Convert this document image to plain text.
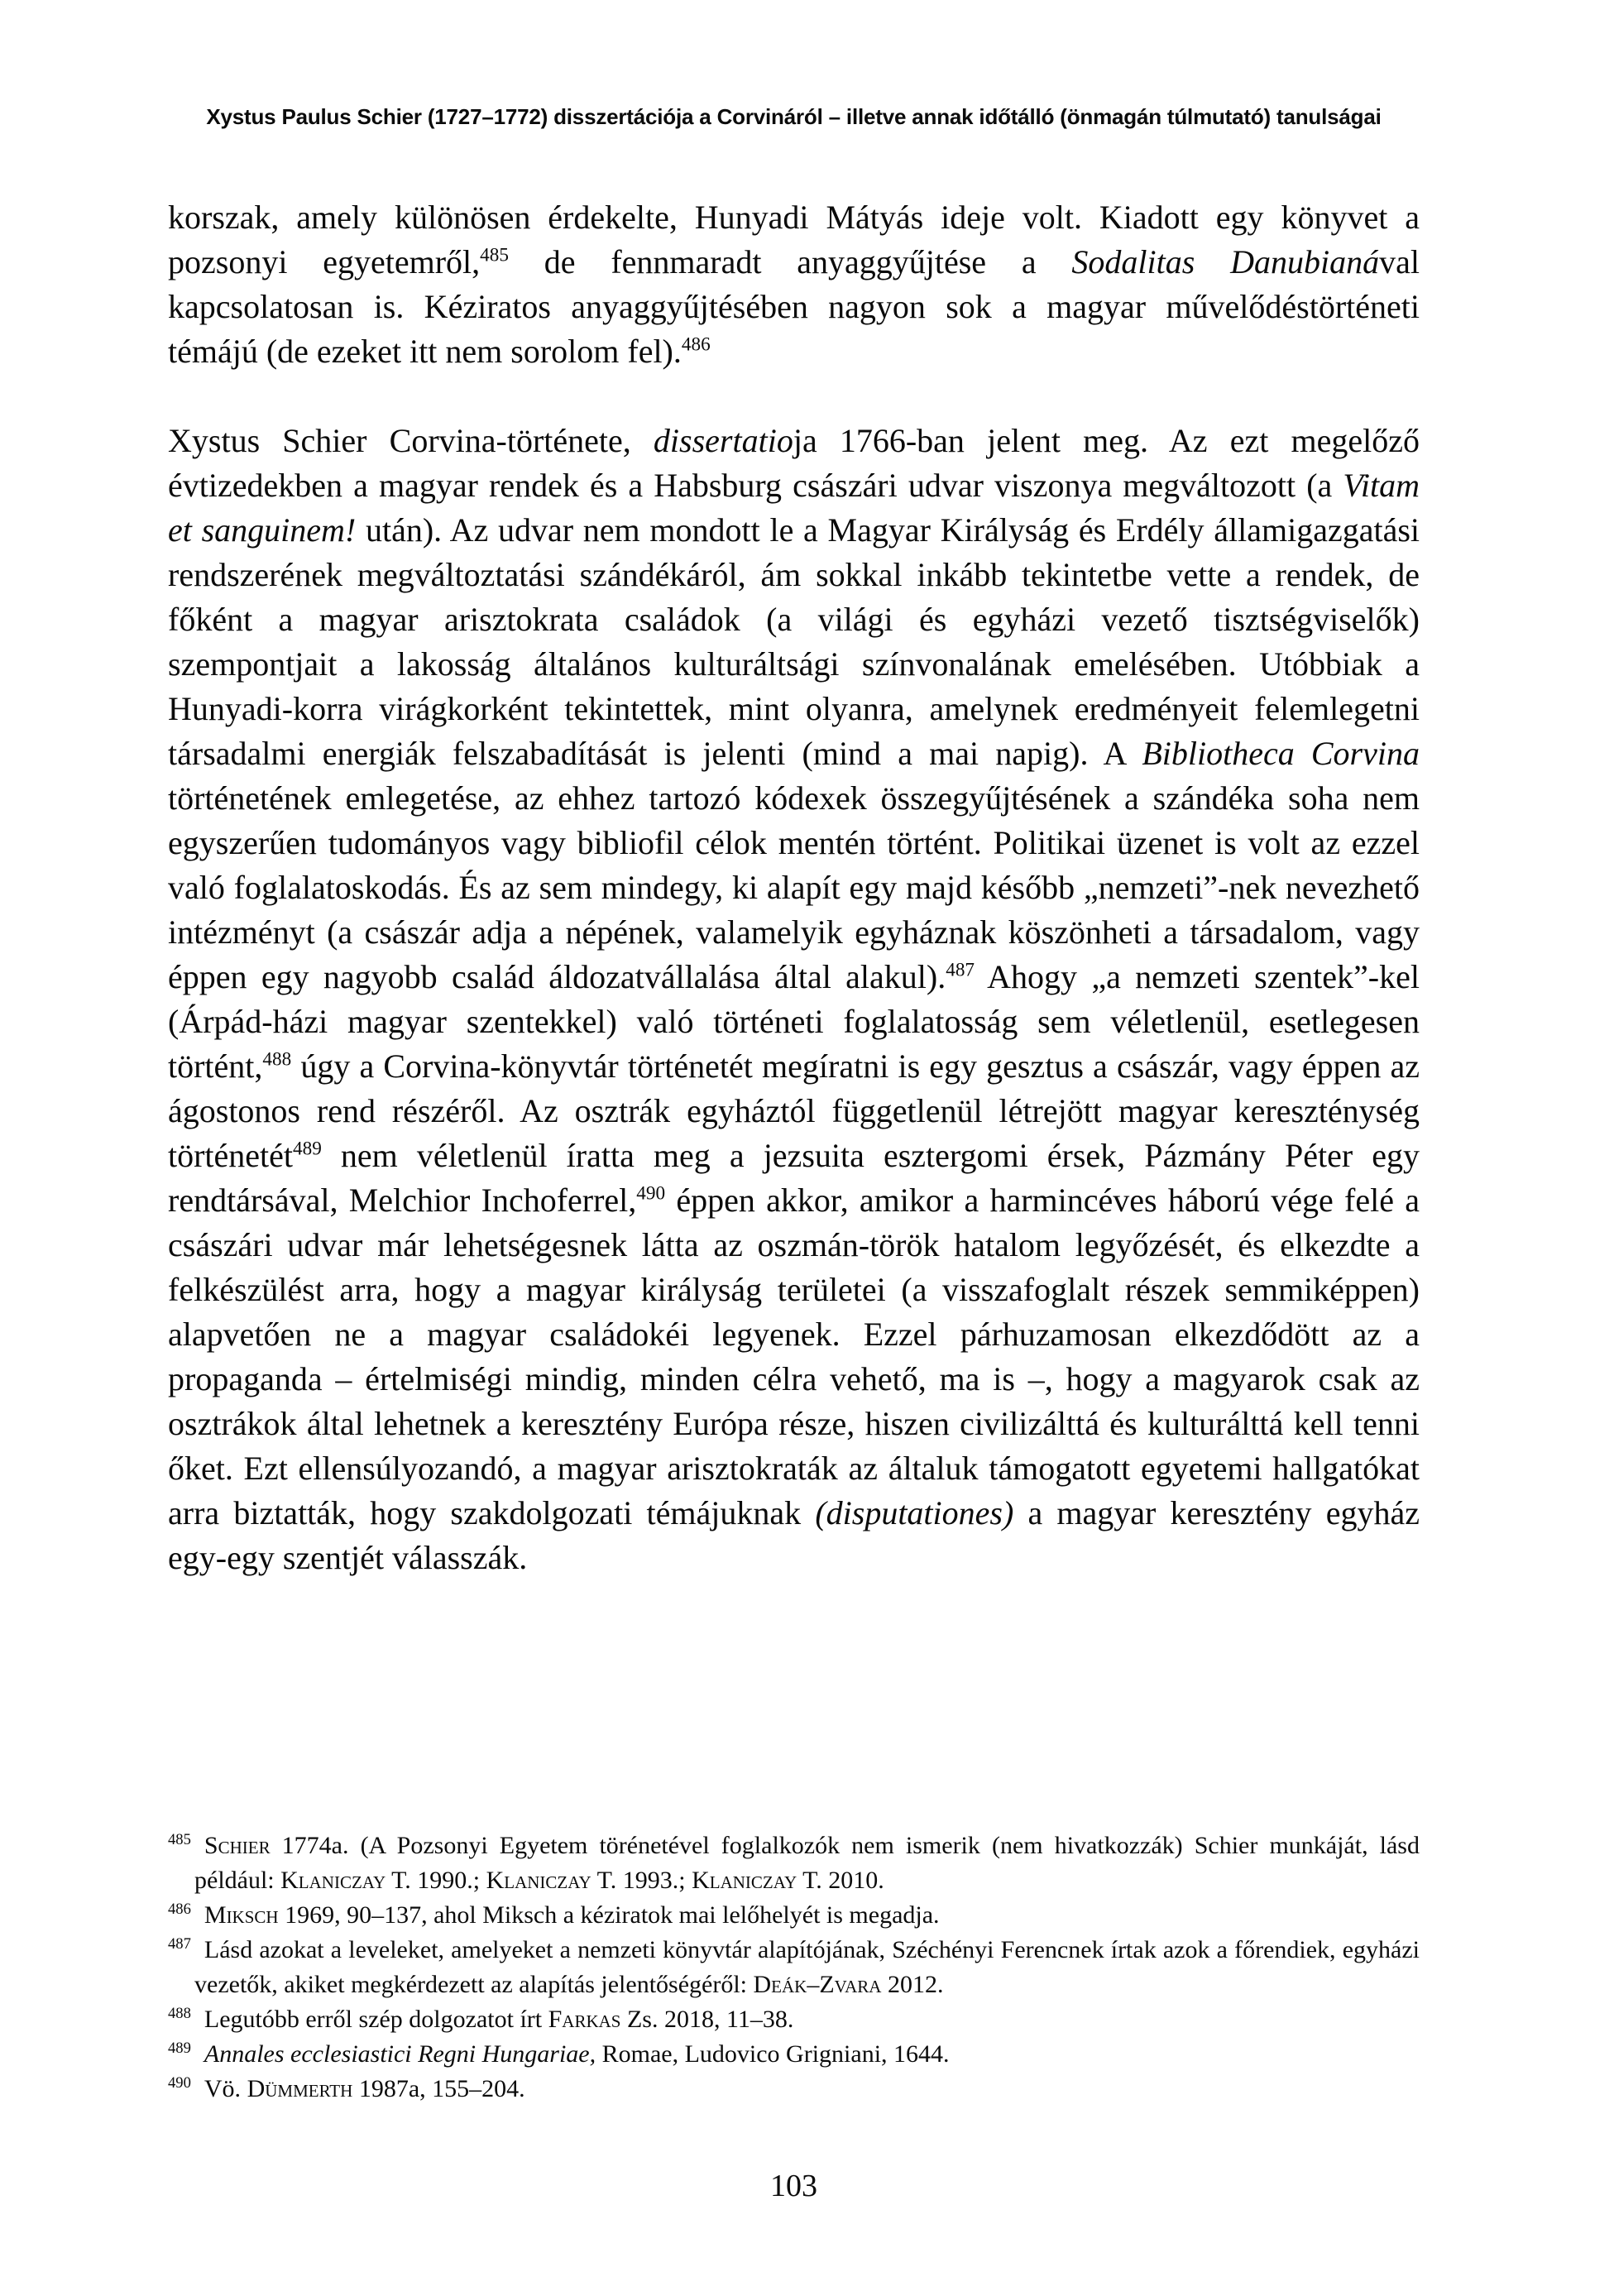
Xystus Paulus Schier (1727–1772) disszertációja a Corvináról – illetve annak időtálló (önmagán túlmutató) tanulságai

korszak, amely különösen érdekelte, Hunyadi Mátyás ideje volt. Kiadott egy könyvet a pozsonyi egyetemről,$^{485}$ de fennmaradt anyaggyűjtése a Sodalitas Danubianával kapcsolatosan is. Kéziratos anyaggyűjtésében nagyon sok a magyar művelődéstörténeti témájú (de ezeket itt nem sorolom fel).$^{486}$

Xystus Schier Corvina-története, dissertatioja 1766-ban jelent meg. Az ezt megelőző évtizedekben a magyar rendek és a Habsburg császári udvar viszonya megváltozott (a Vitam et sanguinem! után). Az udvar nem mondott le a Magyar Királyság és Erdély államigazgatási rendszerének megváltoztatási szándékáról, ám sokkal inkább tekintetbe vette a rendek, de főként a magyar arisztokrata családok (a világi és egyházi vezető tisztségviselők) szempontjait a lakosság általános kulturáltsági színvonalának emelésében. Utóbbiak a Hunyadi-korra virágkorként tekintettek, mint olyanra, amelynek eredményeit felemlegetni társadalmi energiák felszabadítását is jelenti (mind a mai napig). A Bibliotheca Corvina történetének emlegetése, az ehhez tartozó kódexek összegyűjtésének a szándéka soha nem egyszerűen tudományos vagy bibliofil célok mentén történt. Politikai üzenet is volt az ezzel való foglalatoskodás. És az sem mindegy, ki alapít egy majd később „nemzeti”-nek nevezhető intézményt (a császár adja a népének, valamelyik egyháznak köszönheti a társadalom, vagy éppen egy nagyobb család áldozatvállalása által alakul).$^{487}$ Ahogy „a nemzeti szentek”-kel (Árpád-házi magyar szentekkel) való történeti foglalatosság sem véletlenül, esetlegesen történt,$^{488}$ úgy a Corvina-könyvtár történetét megíratni is egy gesztus a császár, vagy éppen az ágostonos rend részéről. Az osztrák egyháztól függetlenül létrejött magyar kereszténység történetét$^{489}$ nem véletlenül íratta meg a jezsuita esztergomi érsek, Pázmány Péter egy rendtársával, Melchior Inchoferrel,$^{490}$ éppen akkor, amikor a harmincéves háború vége felé a császári udvar már lehetségesnek látta az oszmán-török hatalom legyőzését, és elkezdte a felkészülést arra, hogy a magyar királyság területei (a visszafoglalt részek semmiképpen) alapvetően ne a magyar családokéi legyenek. Ezzel párhuzamosan elkezdődött az a propaganda – értelmiségi mindig, minden célra vehető, ma is –, hogy a magyarok csak az osztrákok által lehetnek a keresztény Európa része, hiszen civilizálttá és kulturálttá kell tenni őket. Ezt ellensúlyozandó, a magyar arisztokraták az általuk támogatott egyetemi hallgatókat arra biztatták, hogy szakdolgozati témájuknak (disputationes) a magyar keresztény egyház egy-egy szentjét válasszák.

$^{485}$ Schier 1774a. (A Pozsonyi Egyetem törénetével foglalkozók nem ismerik (nem hivatkozzák) Schier munkáját, lásd például: Klaniczay T. 1990.; Klaniczay T. 1993.; Klaniczay T. 2010.

$^{486}$ Miksch 1969, 90–137, ahol Miksch a kéziratok mai lelőhelyét is megadja.

$^{487}$ Lásd azokat a leveleket, amelyeket a nemzeti könyvtár alapítójának, Széchényi Ferencnek írtak azok a főrendiek, egyházi vezetők, akiket megkérdezett az alapítás jelentőségéről: Deák–Zvara 2012.

$^{488}$ Legutóbb erről szép dolgozatot írt Farkas Zs. 2018, 11–38.

$^{489}$ Annales ecclesiastici Regni Hungariae, Romae, Ludovico Grigniani, 1644.

$^{490}$ Vö. Dümmerth 1987a, 155–204.

103
